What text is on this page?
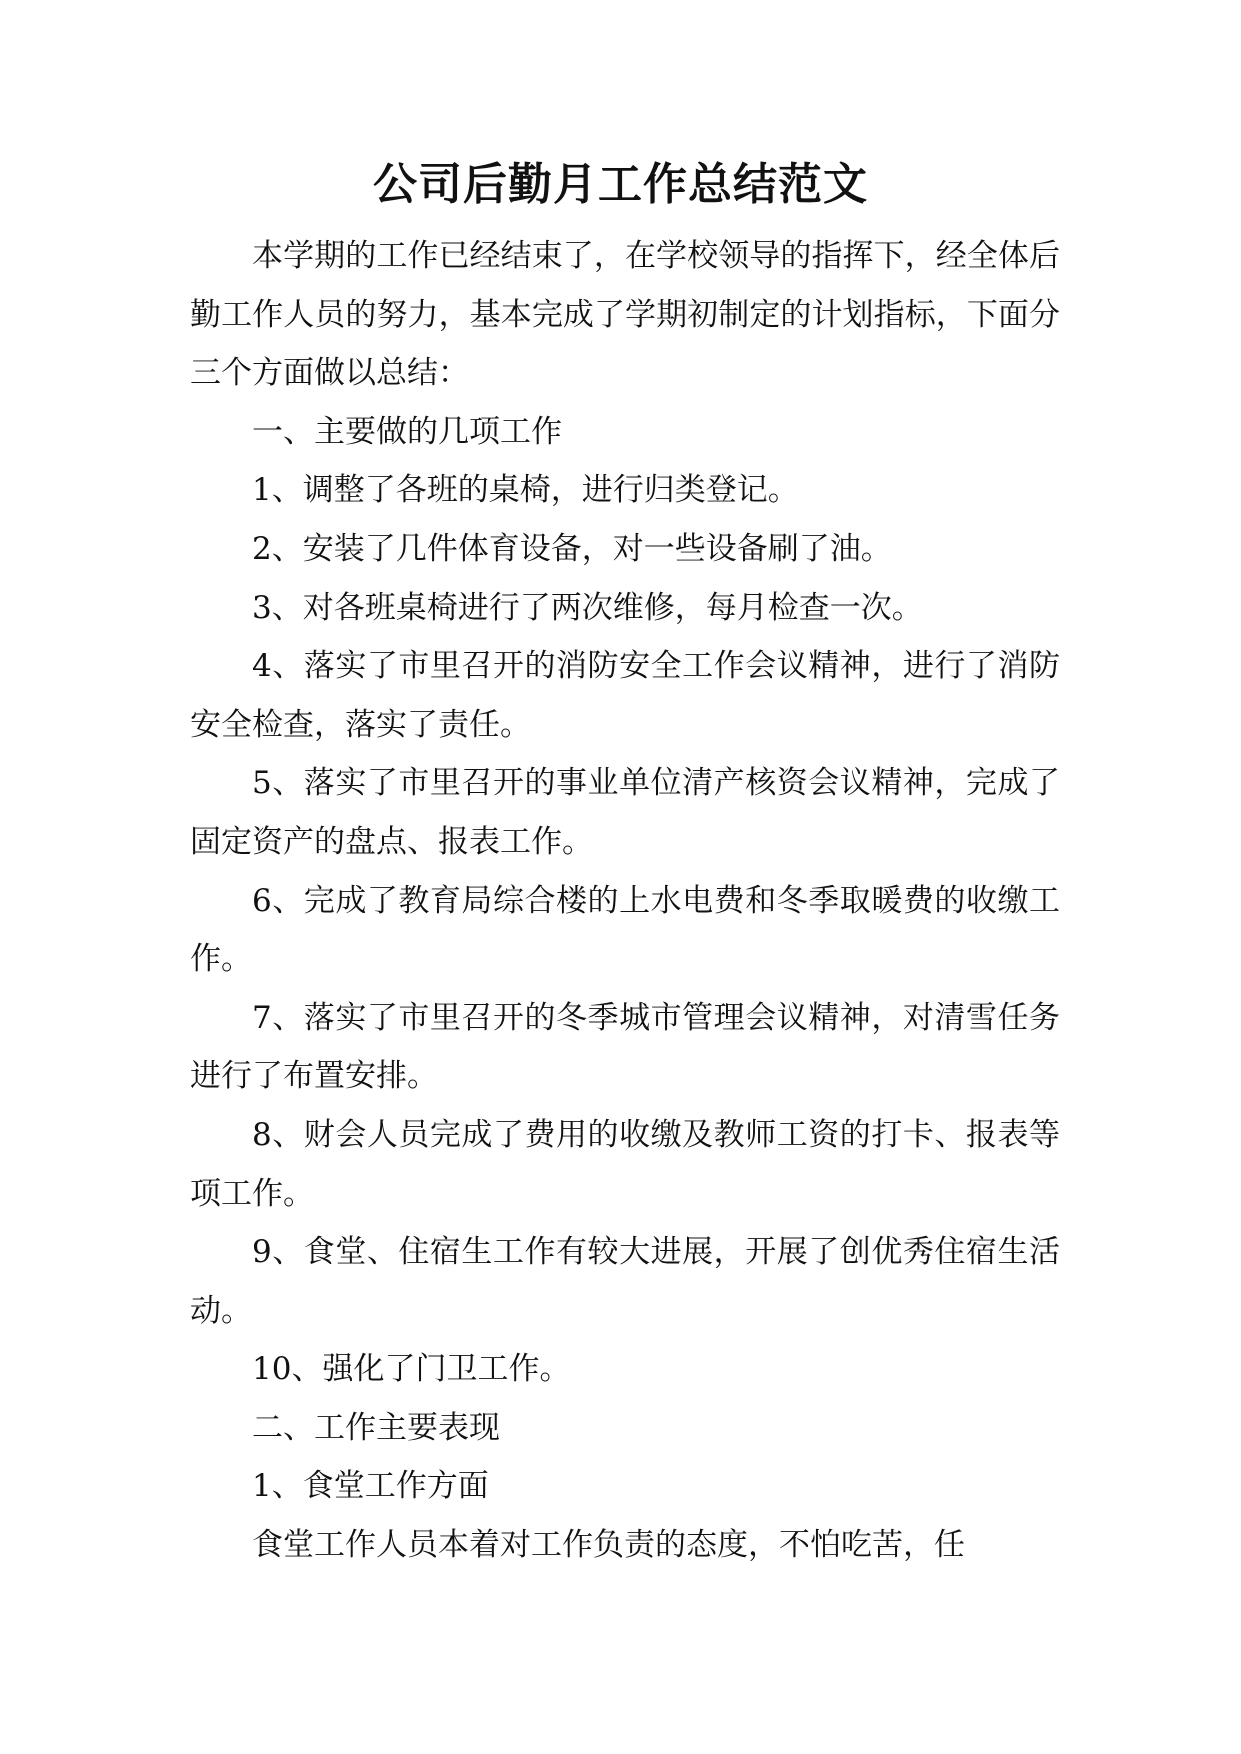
公司后勤月工作总结范文

本学期的工作已经结束了，在学校领导的指挥下，经全体后勤工作人员的努力，基本完成了学期初制定的计划指标，下面分三个方面做以总结：

一、主要做的几项工作

1、调整了各班的桌椅，进行归类登记。

2、安装了几件体育设备，对一些设备刷了油。

3、对各班桌椅进行了两次维修，每月检查一次。

4、落实了市里召开的消防安全工作会议精神，进行了消防安全检查，落实了责任。

5、落实了市里召开的事业单位清产核资会议精神，完成了固定资产的盘点、报表工作。

6、完成了教育局综合楼的上水电费和冬季取暖费的收缴工作。

7、落实了市里召开的冬季城市管理会议精神，对清雪任务进行了布置安排。

8、财会人员完成了费用的收缴及教师工资的打卡、报表等项工作。

9、食堂、住宿生工作有较大进展，开展了创优秀住宿生活动。

10、强化了门卫工作。

二、工作主要表现

1、食堂工作方面

食堂工作人员本着对工作负责的态度，不怕吃苦，任
